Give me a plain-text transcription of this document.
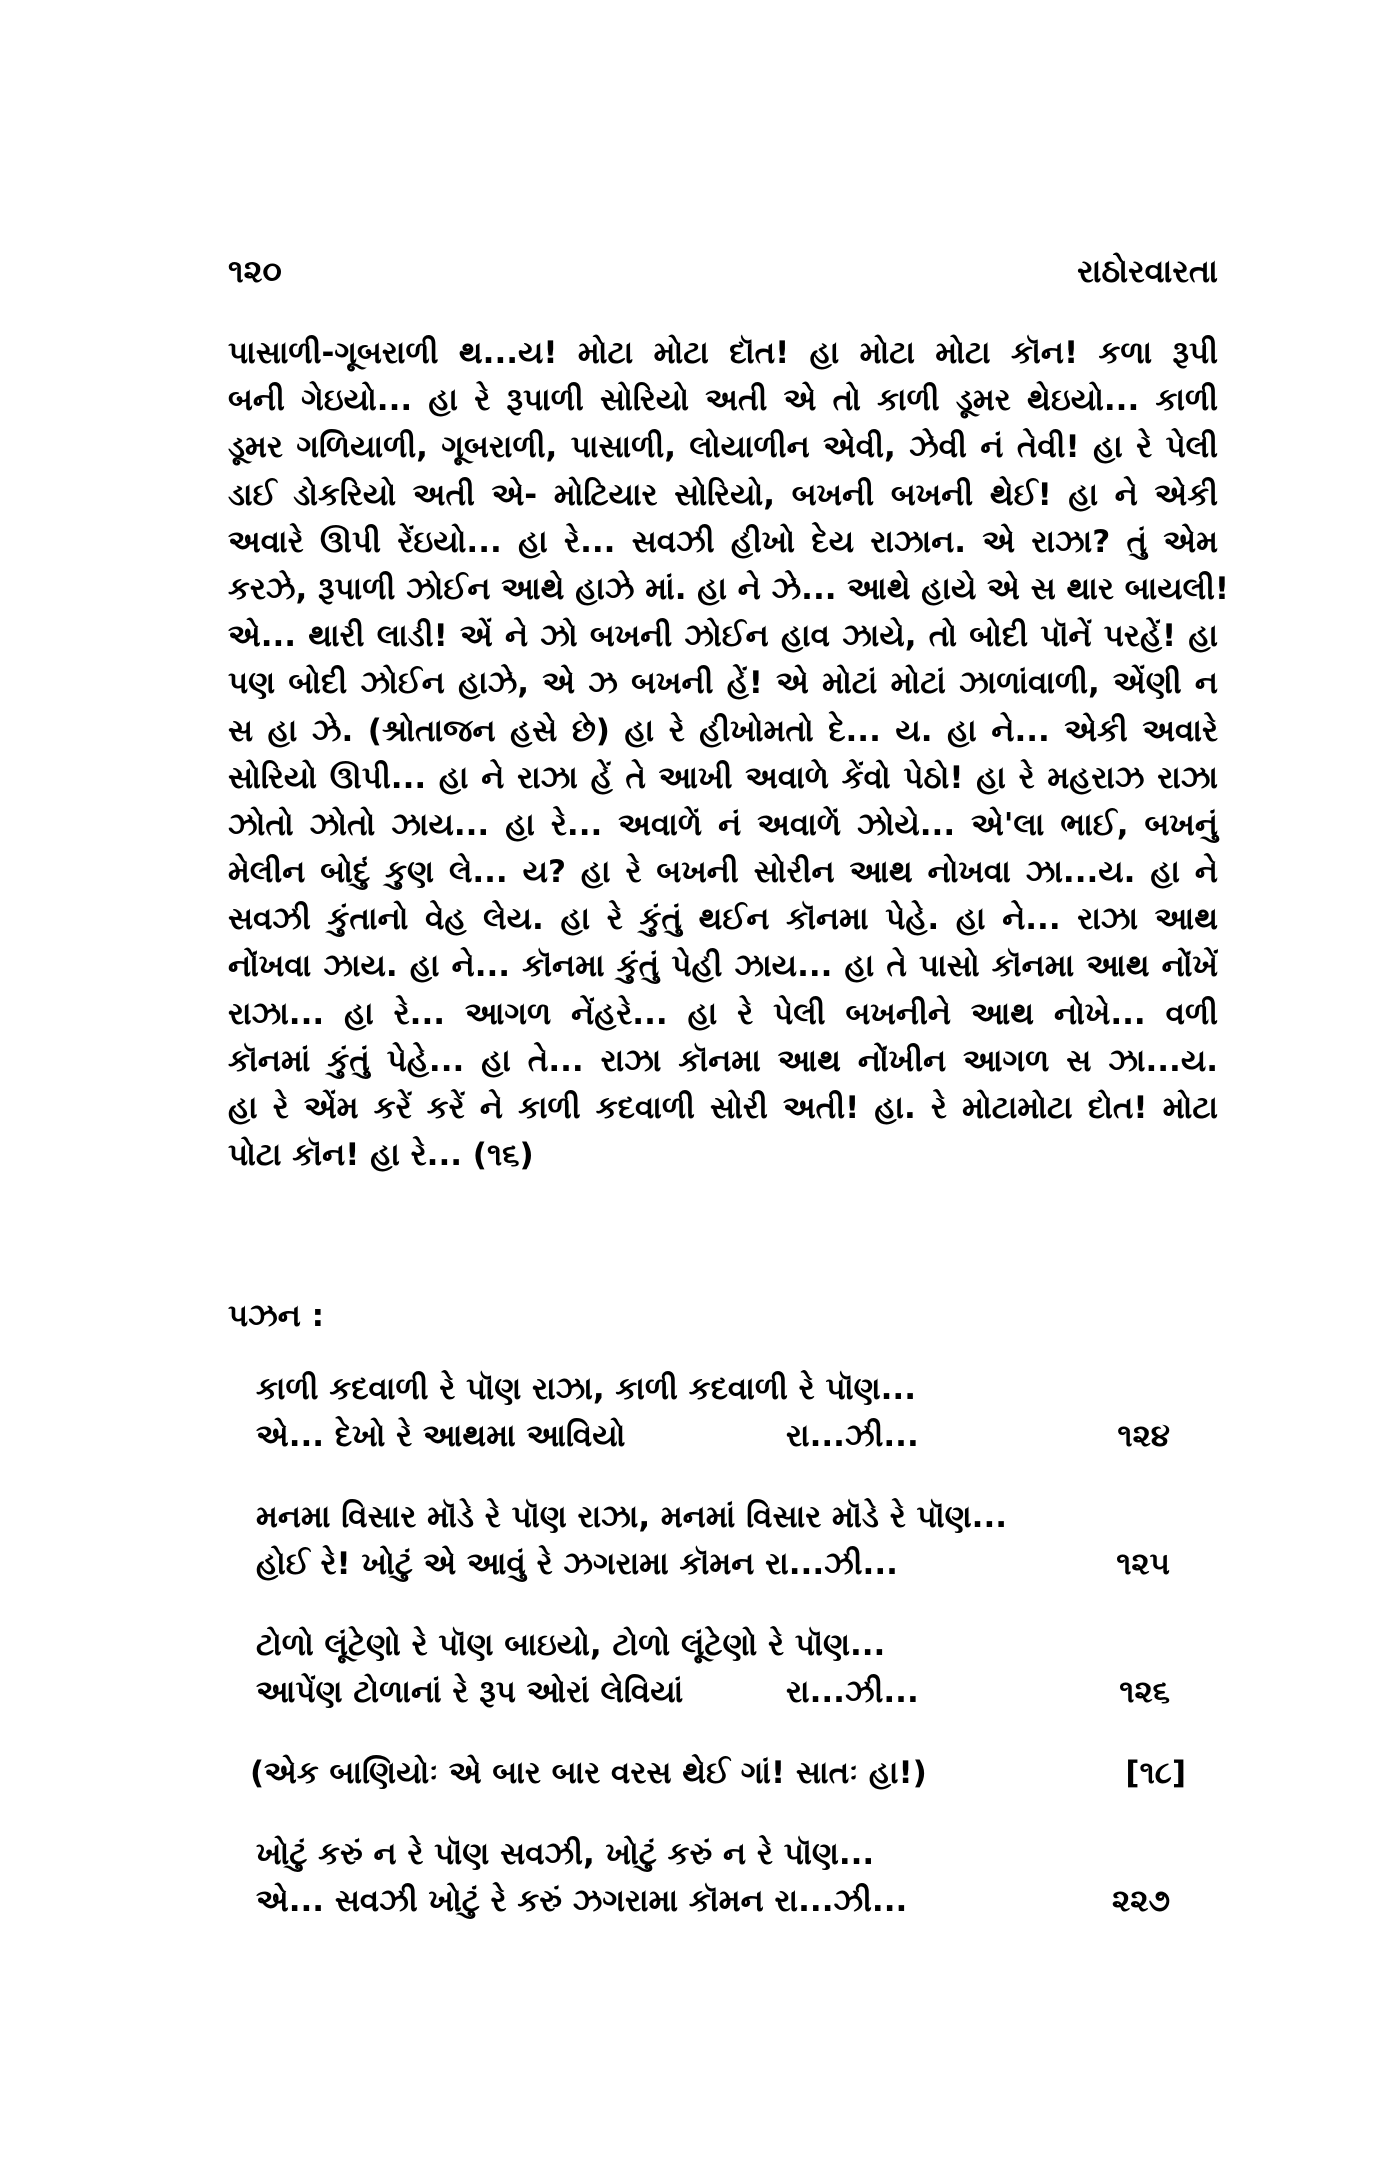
૧૨૦	રાઠોરવારતા
પાસાળી-ગૂબરાળી થ...ય! મોટા મોટા દૉત! હા મોટા મોટા કૉન! કળા રૂપી
બની ગેઇયો... હા રે રૂપાળી સોરિયો અતી એ તો કાળી ડૂમર થેઇયો... કાળી
ડૂમર ગળિયાળી, ગૂબરાળી, પાસાળી, લોયાળીન એવી, ઝેવી નં તેવી! હા રે પેલી
ડાઈ ડોકરિયો અતી એ- મોટિયાર સોરિયો, બખની બખની થેઈ! હા ને એકી
અવારે ઊપી રેંઇયો... હા રે... સવઝી હીખો દેય રાઝાન. એ રાઝા? તું એમ
કરઝે, રૂપાળી ઝોઈન આથે હાઝે માં. હા ને ઝે... આથે હાયે એ સ થાર બાયલી!
એ... થારી લાડી! એં ને ઝો બખની ઝોઈન હાવ ઝાયે, તો બોદી પૉનેં પરહેં! હા
પણ બોદી ઝોઈન હાઝે, એ ઝ બખની હેં! એ મોટાં મોટાં ઝાળાંવાળી, એંણી ન
સ હા ઝે. (શ્રોતાજન હસે છે) હા રે હીખોમતો દે... ય. હા ને... એકી અવારે
સોરિયો ઊપી... હા ને રાઝા હેં તે આખી અવાળે કેંવો પેઠો! હા રે મહરાઝ રાઝા
ઝોતો ઝોતો ઝાય... હા રે... અવાળેં નં અવાળેં ઝોયે... એ'લા ભાઈ, બખનું
મેલીન બોદું કુણ લે... ય? હા રે બખની સોરીન આથ નોખવા ઝા...ય. હા ને
સવઝી કુંતાનો વેહ લેય. હા રે કુંતું થઈન કૉનમા પેહે. હા ને... રાઝા આથ
નોંખવા ઝાય. હા ને... કૉનમા કુંતું પેહી ઝાય... હા તે પાસો કૉનમા આથ નોંખેં
રાઝા... હા રે... આગળ નેંહરે... હા રે પેલી બખનીને આથ નોખે... વળી
કૉનમાં કુંતું પેહે... હા તે... રાઝા કૉનમા આથ નોંખીન આગળ સ ઝા...ય.
હા રે એંમ કરેં કરેં ને કાળી કદવાળી સોરી અતી! હા. રે મોટામોટા દોત! મોટા
પોટા કૉન! હા રે... (૧૬)
પઝન :
કાળી કદવાળી રે પૉણ રાઝા, કાળી કદવાળી રે પૉણ...
એ... દેખો રે આથમા આવિયો	રા...ઝી...	૧૨૪
મનમા વિસાર મૉડે રે પૉણ રાઝા, મનમાં વિસાર મૉડે રે પૉણ...
હોઈ રે! ખોટું એ આવું રે ઝગરામા કૉમન રા...ઝી...	૧૨૫
ટોળો લૂંટેણો રે પૉણ બાઇયો, ટોળો લૂંટેણો રે પૉણ...
આપેંણ ટોળાનાં રે રૂપ ઓરાં લેવિયાં	રા...ઝી...	૧૨૬
(એક બાણિયોઃ એ બાર બાર વરસ થેઈ ગાં! સાતઃ હા!)	[૧૮]
ખોટું કરું ન રે પૉણ સવઝી, ખોટું કરું ન રે પૉણ...
એ... સવઝી ખોટું રે કરું ઝગરામા કૉમન રા...ઝી...	૨૨૭
